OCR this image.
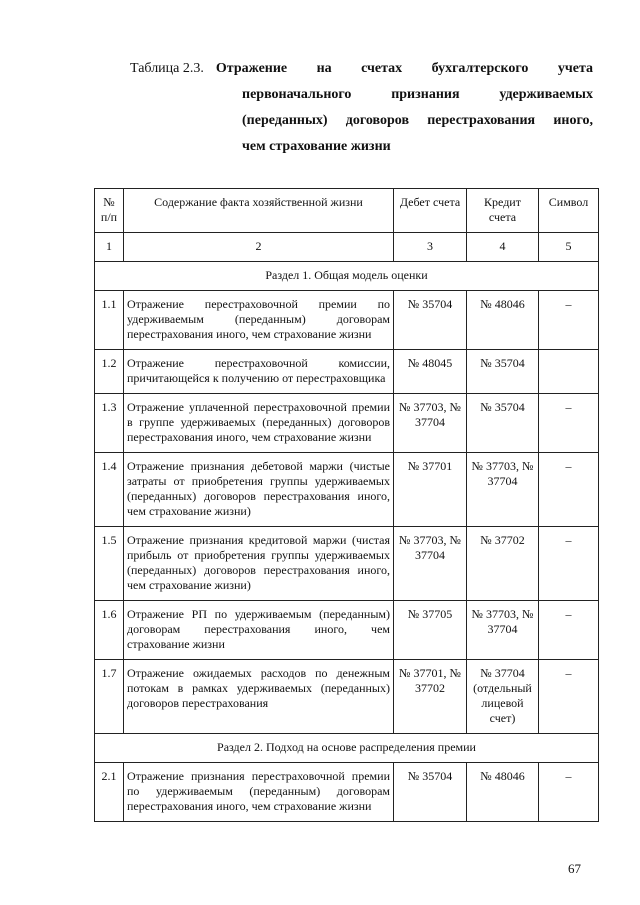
Таблица 2.3. Отражение на счетах бухгалтерского учета
первоначального признания удерживаемых
(переданных) договоров перестрахования иного,
чем страхование жизни
№ п/п	Содержание факта хозяйственной жизни	Дебет счета	Кредит счета	Символ
1	2	3	4	5
Раздел 1. Общая модель оценки				
1.1	Отражение перестраховочной премии по удерживаемым (переданным) договорам перестрахования иного, чем страхование жизни	№ 35704	№ 48046	–
1.2	Отражение перестраховочной комиссии, причитающейся к получению от перестраховщика	№ 48045	№ 35704	
1.3	Отражение уплаченной перестраховочной премии в группе удерживаемых (переданных) договоров перестрахования иного, чем страхование жизни	№ 37703, № 37704	№ 35704	–
1.4	Отражение признания дебетовой маржи (чистые затраты от приобретения группы удерживаемых (переданных) договоров перестрахования иного, чем страхование жизни)	№ 37701	№ 37703, № 37704	–
1.5	Отражение признания кредитовой маржи (чистая прибыль от приобретения группы удерживаемых (переданных) договоров перестрахования иного, чем страхование жизни)	№ 37703, № 37704	№ 37702	–
1.6	Отражение РП по удерживаемым (переданным) договорам перестрахования иного, чем страхование жизни	№ 37705	№ 37703, № 37704	–
1.7	Отражение ожидаемых расходов по денежным потокам в рамках удерживаемых (переданных) договоров перестрахования	№ 37701, № 37702	№ 37704 (отдельный лицевой счет)	–
Раздел 2. Подход на основе распределения премии				
2.1	Отражение признания перестраховочной премии по удерживаемым (переданным) договорам перестрахования иного, чем страхование жизни	№ 35704	№ 48046	–
67
